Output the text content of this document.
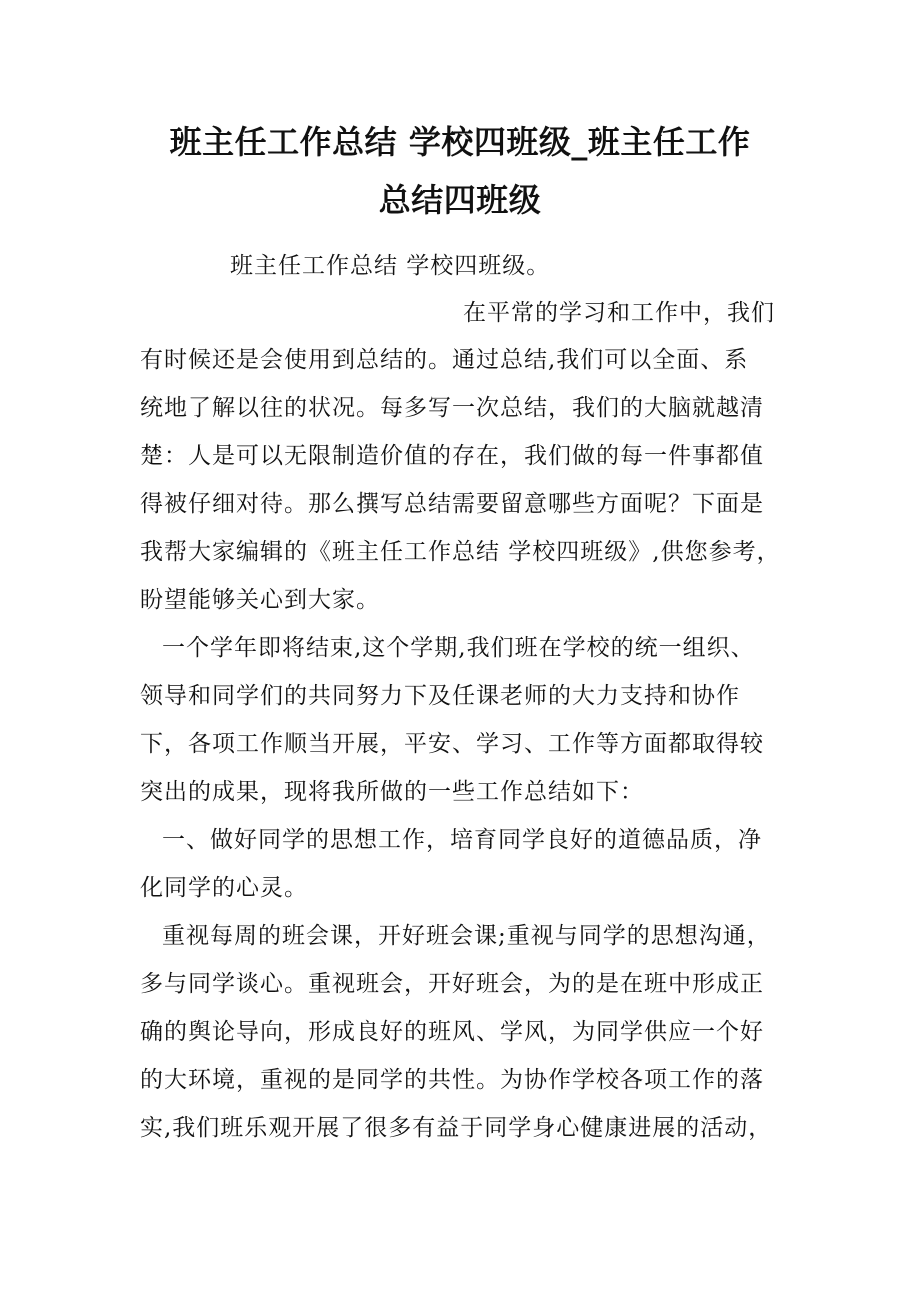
班主任工作总结 学校四班级_班主任工作
总结四班级
班主任工作总结 学校四班级。
在平常的学习和工作中，我们
有时候还是会使用到总结的。通过总结,我们可以全面、系
统地了解以往的状况。每多写一次总结，我们的大脑就越清
楚：人是可以无限制造价值的存在，我们做的每一件事都值
得被仔细对待。那么撰写总结需要留意哪些方面呢？下面是
我帮大家编辑的《班主任工作总结 学校四班级》,供您参考，
盼望能够关心到大家。
一个学年即将结束,这个学期,我们班在学校的统一组织、
领导和同学们的共同努力下及任课老师的大力支持和协作
下，各项工作顺当开展，平安、学习、工作等方面都取得较
突出的成果，现将我所做的一些工作总结如下：
一、做好同学的思想工作，培育同学良好的道德品质，净
化同学的心灵。
重视每周的班会课，开好班会课;重视与同学的思想沟通，
多与同学谈心。重视班会，开好班会，为的是在班中形成正
确的舆论导向，形成良好的班风、学风，为同学供应一个好
的大环境，重视的是同学的共性。为协作学校各项工作的落
实,我们班乐观开展了很多有益于同学身心健康进展的活动，
